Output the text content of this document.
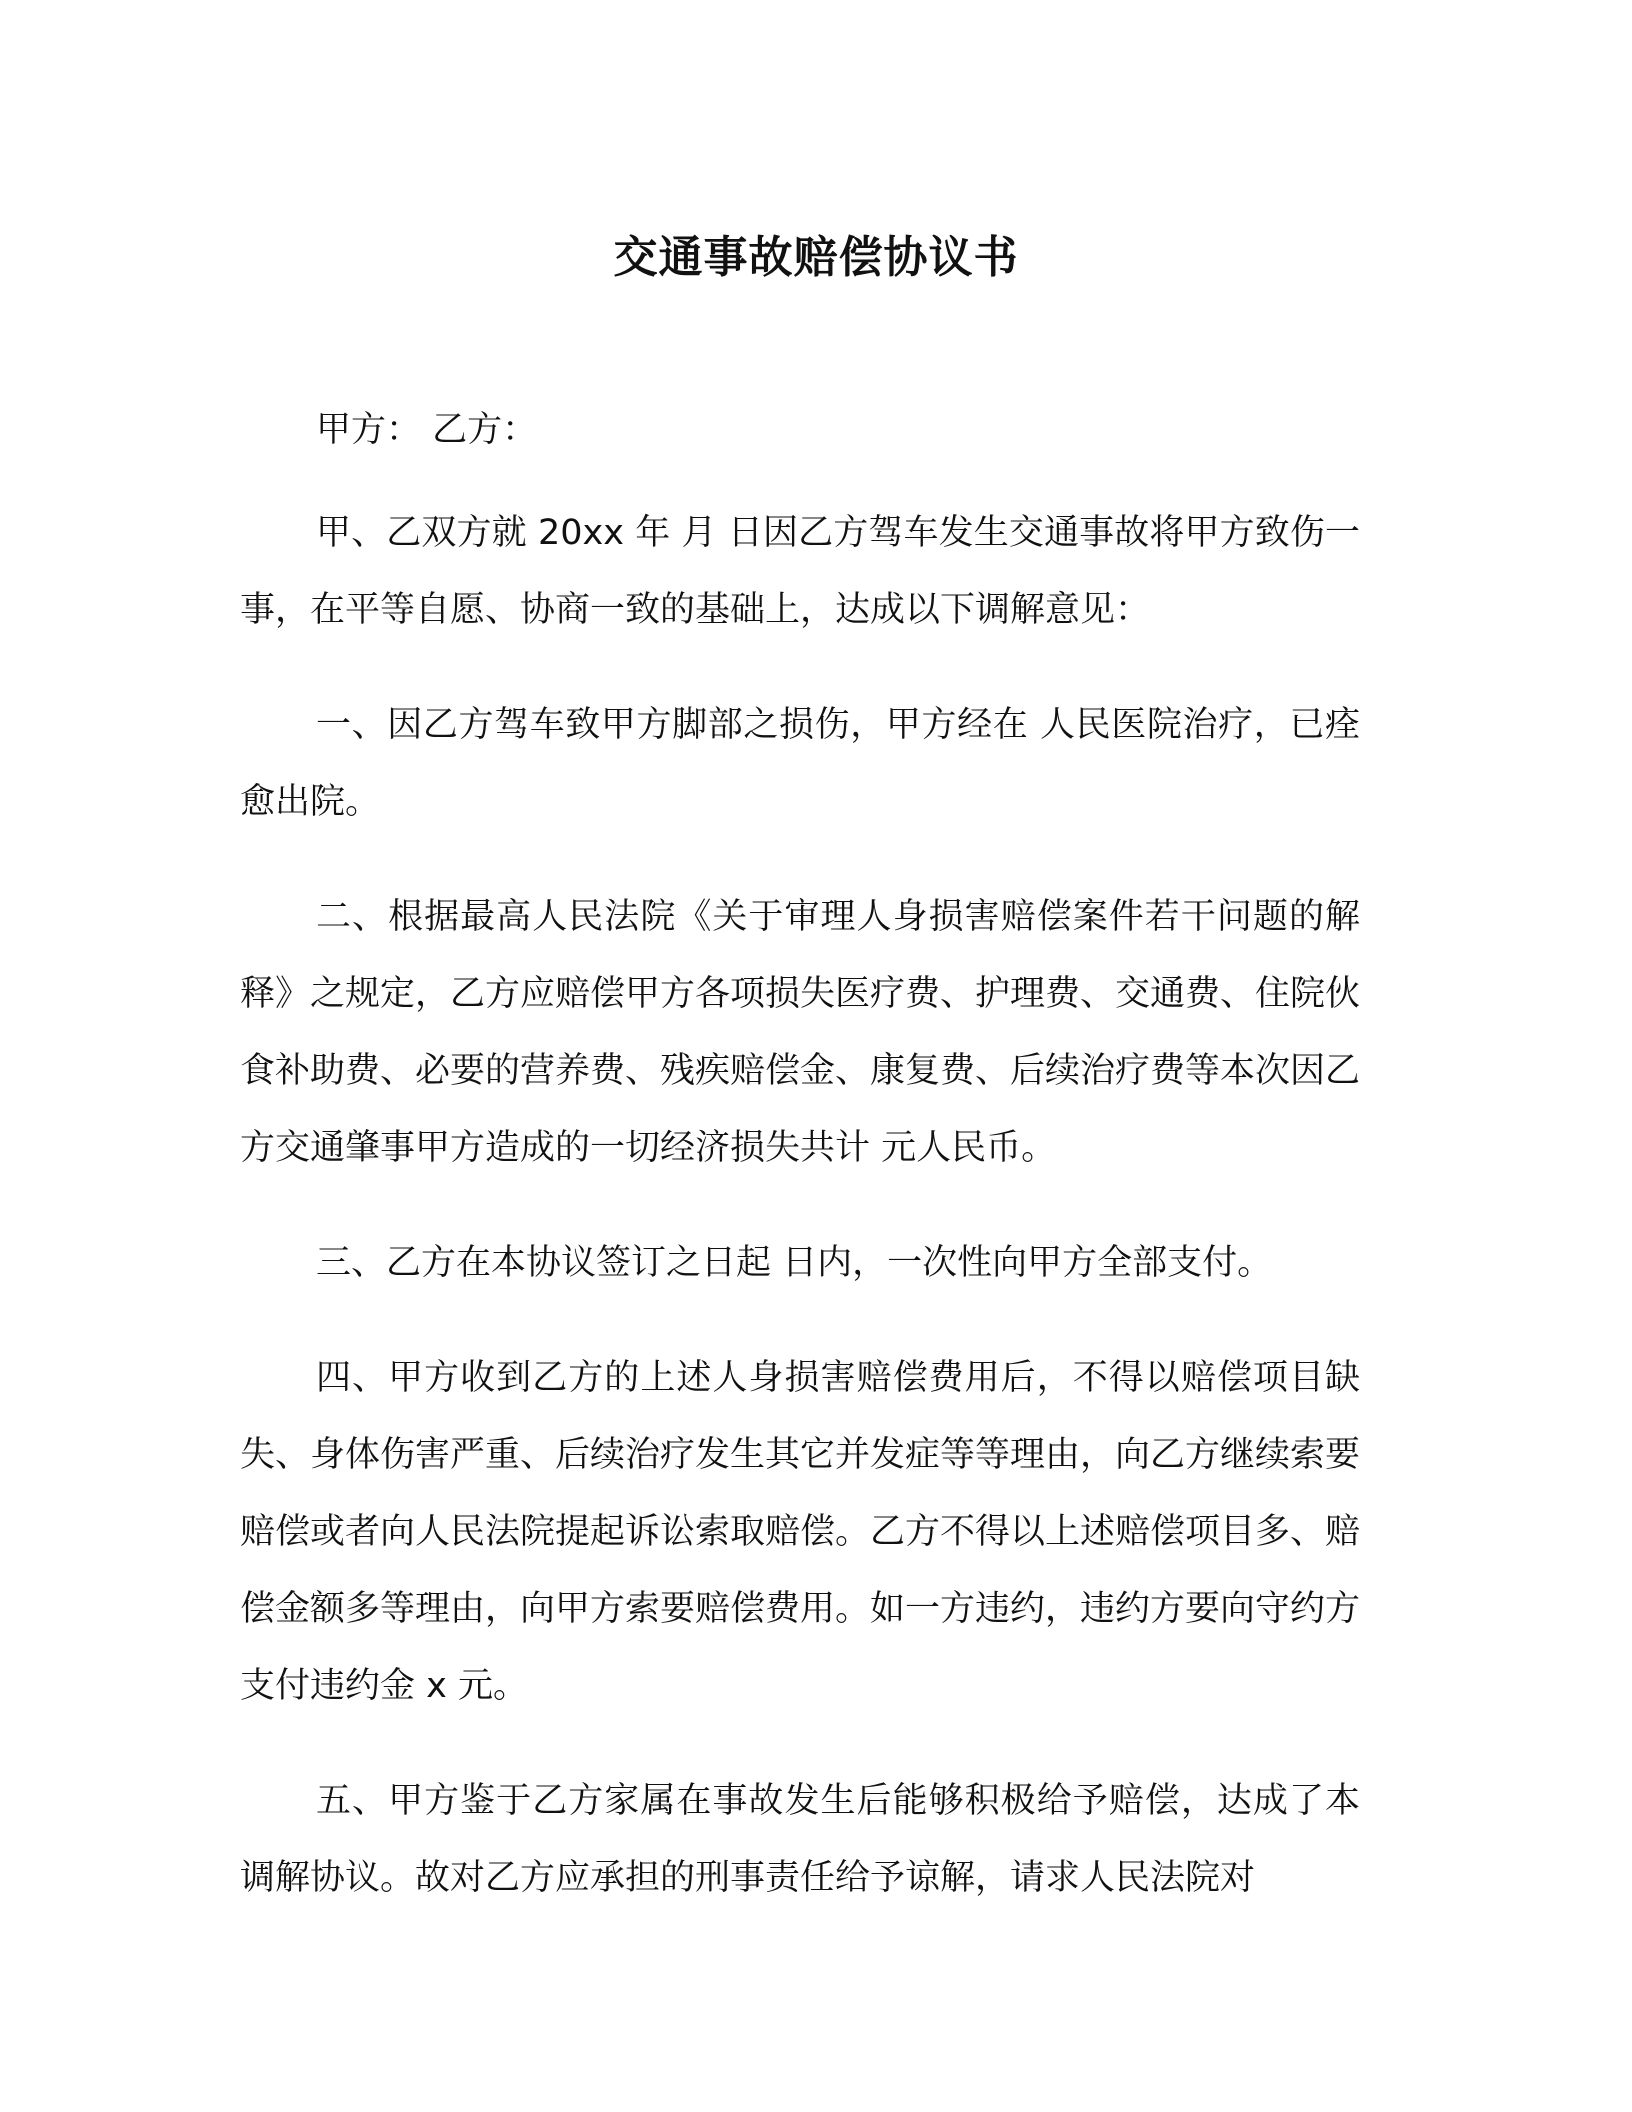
交通事故赔偿协议书

甲方： 乙方：

甲、乙双方就 20xx 年 月 日因乙方驾车发生交通事故将甲方致伤一事，在平等自愿、协商一致的基础上，达成以下调解意见：

一、因乙方驾车致甲方脚部之损伤，甲方经在 人民医院治疗，已痊愈出院。

二、根据最高人民法院《关于审理人身损害赔偿案件若干问题的解释》之规定，乙方应赔偿甲方各项损失医疗费、护理费、交通费、住院伙食补助费、必要的营养费、残疾赔偿金、康复费、后续治疗费等本次因乙方交通肇事甲方造成的一切经济损失共计 元人民币。

三、乙方在本协议签订之日起 日内，一次性向甲方全部支付。

四、甲方收到乙方的上述人身损害赔偿费用后，不得以赔偿项目缺失、身体伤害严重、后续治疗发生其它并发症等等理由，向乙方继续索要赔偿或者向人民法院提起诉讼索取赔偿。乙方不得以上述赔偿项目多、赔偿金额多等理由，向甲方索要赔偿费用。如一方违约，违约方要向守约方支付违约金 x 元。

五、甲方鉴于乙方家属在事故发生后能够积极给予赔偿，达成了本调解协议。故对乙方应承担的刑事责任给予谅解，请求人民法院对
